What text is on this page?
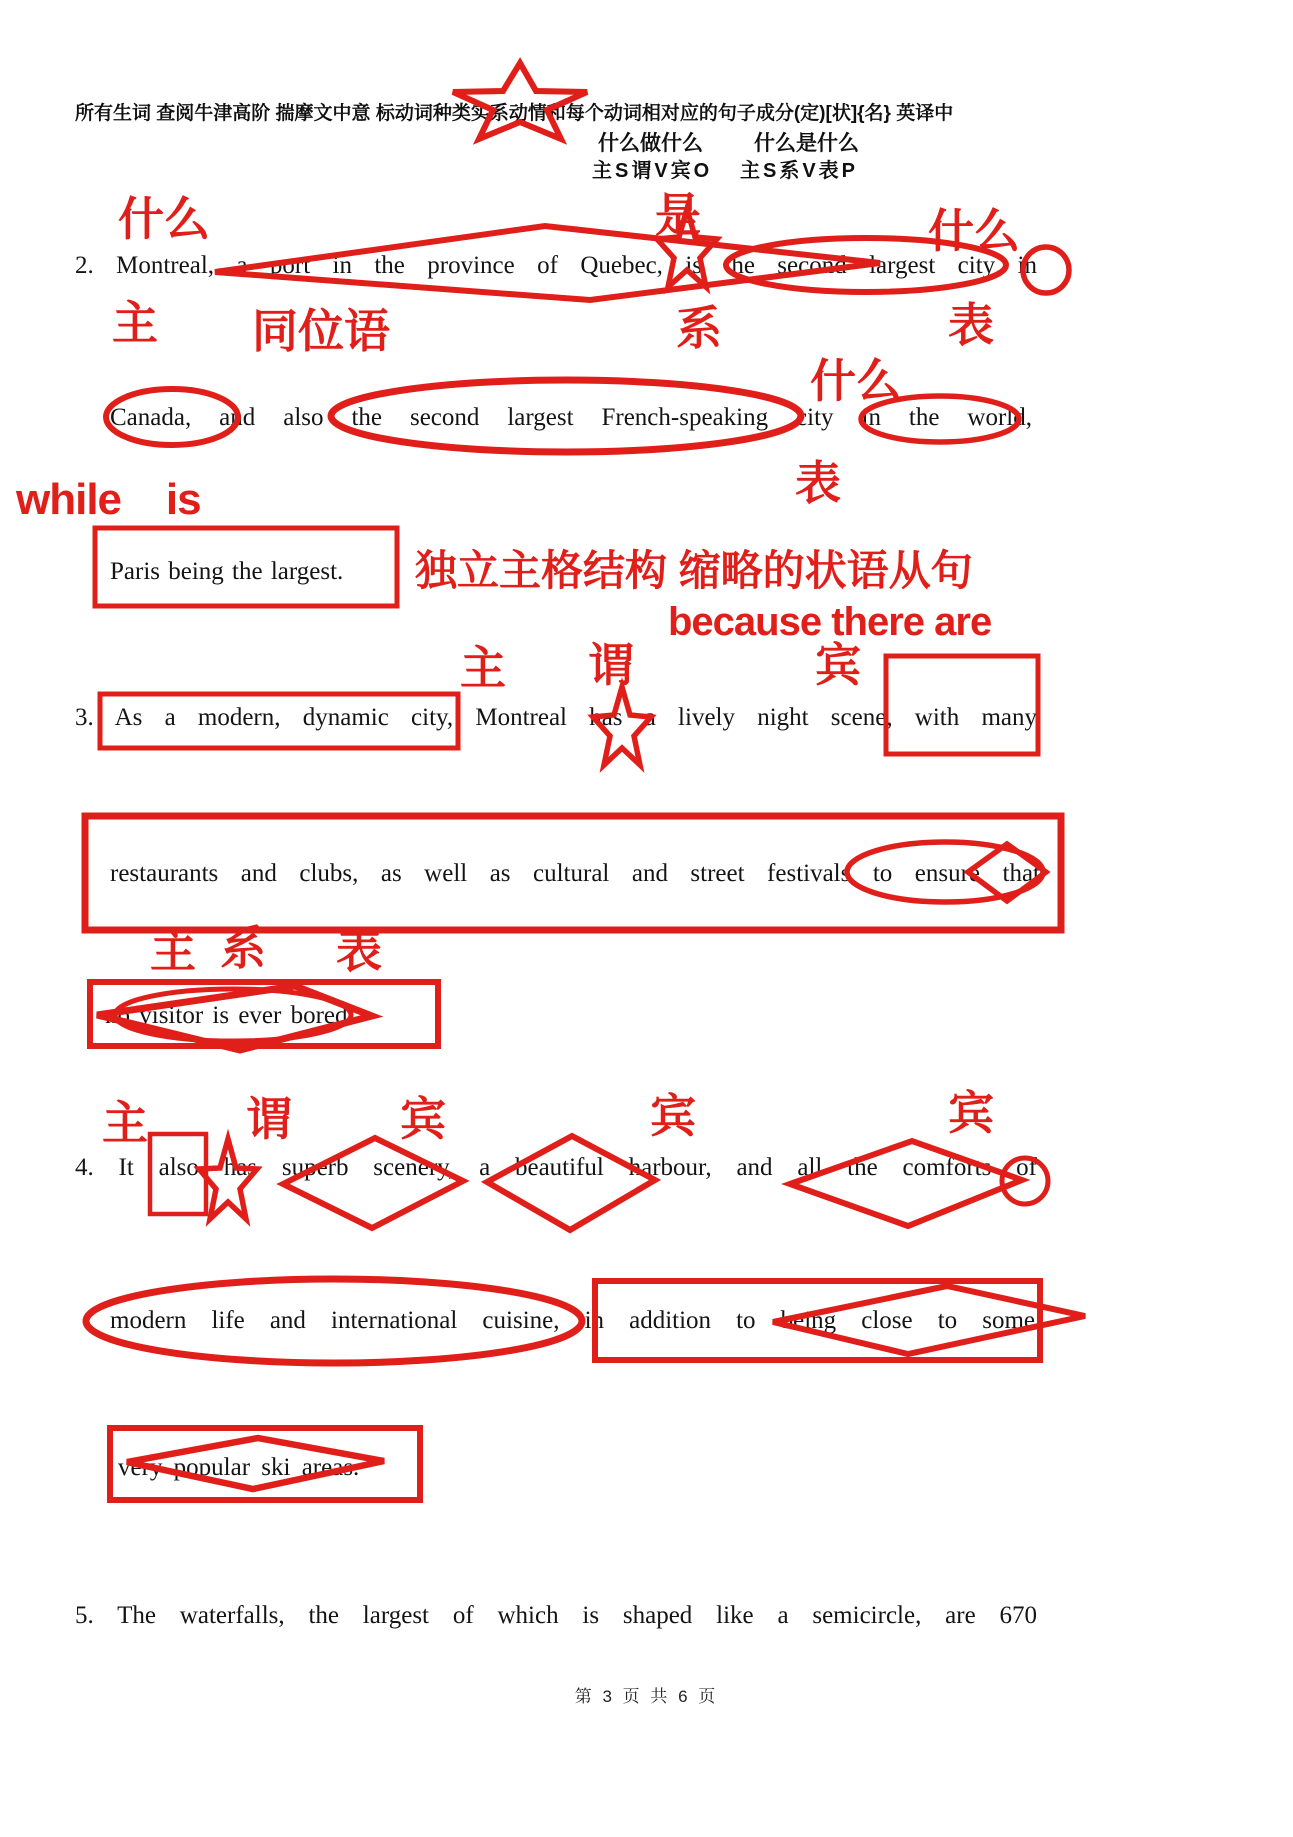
所有生词 查阅牛津高阶 揣摩文中意 标动词种类实系动情和每个动词相对应的句子成分(定)[状]{名} 英译中
什么做什么 什么是什么
主S谓V宾O 主S系V表P
2. Montreal, a port in the province of Quebec, is the second largest city in
Canada, and also the second largest French-speaking city in the world,
Paris being the largest.
3. As a modern, dynamic city, Montreal has a lively night scene, with many
restaurants and clubs, as well as cultural and street festivals to ensure that
no visitor is ever bored.
4. It also has superb scenery, a beautiful harbour, and all the comforts of
modern life and international cuisine, in addition to being close to some
very popular ski areas.
5. The waterfalls, the largest of which is shaped like a semicircle, are 670
什么	是	什么
主 同位语	系	表
什么
表
while    is
独立主格结构 缩略的状语从句
because there are
主 谓	宾
主 系 表
主 谓 宾	宾	宾
第 3 页 共 6 页
